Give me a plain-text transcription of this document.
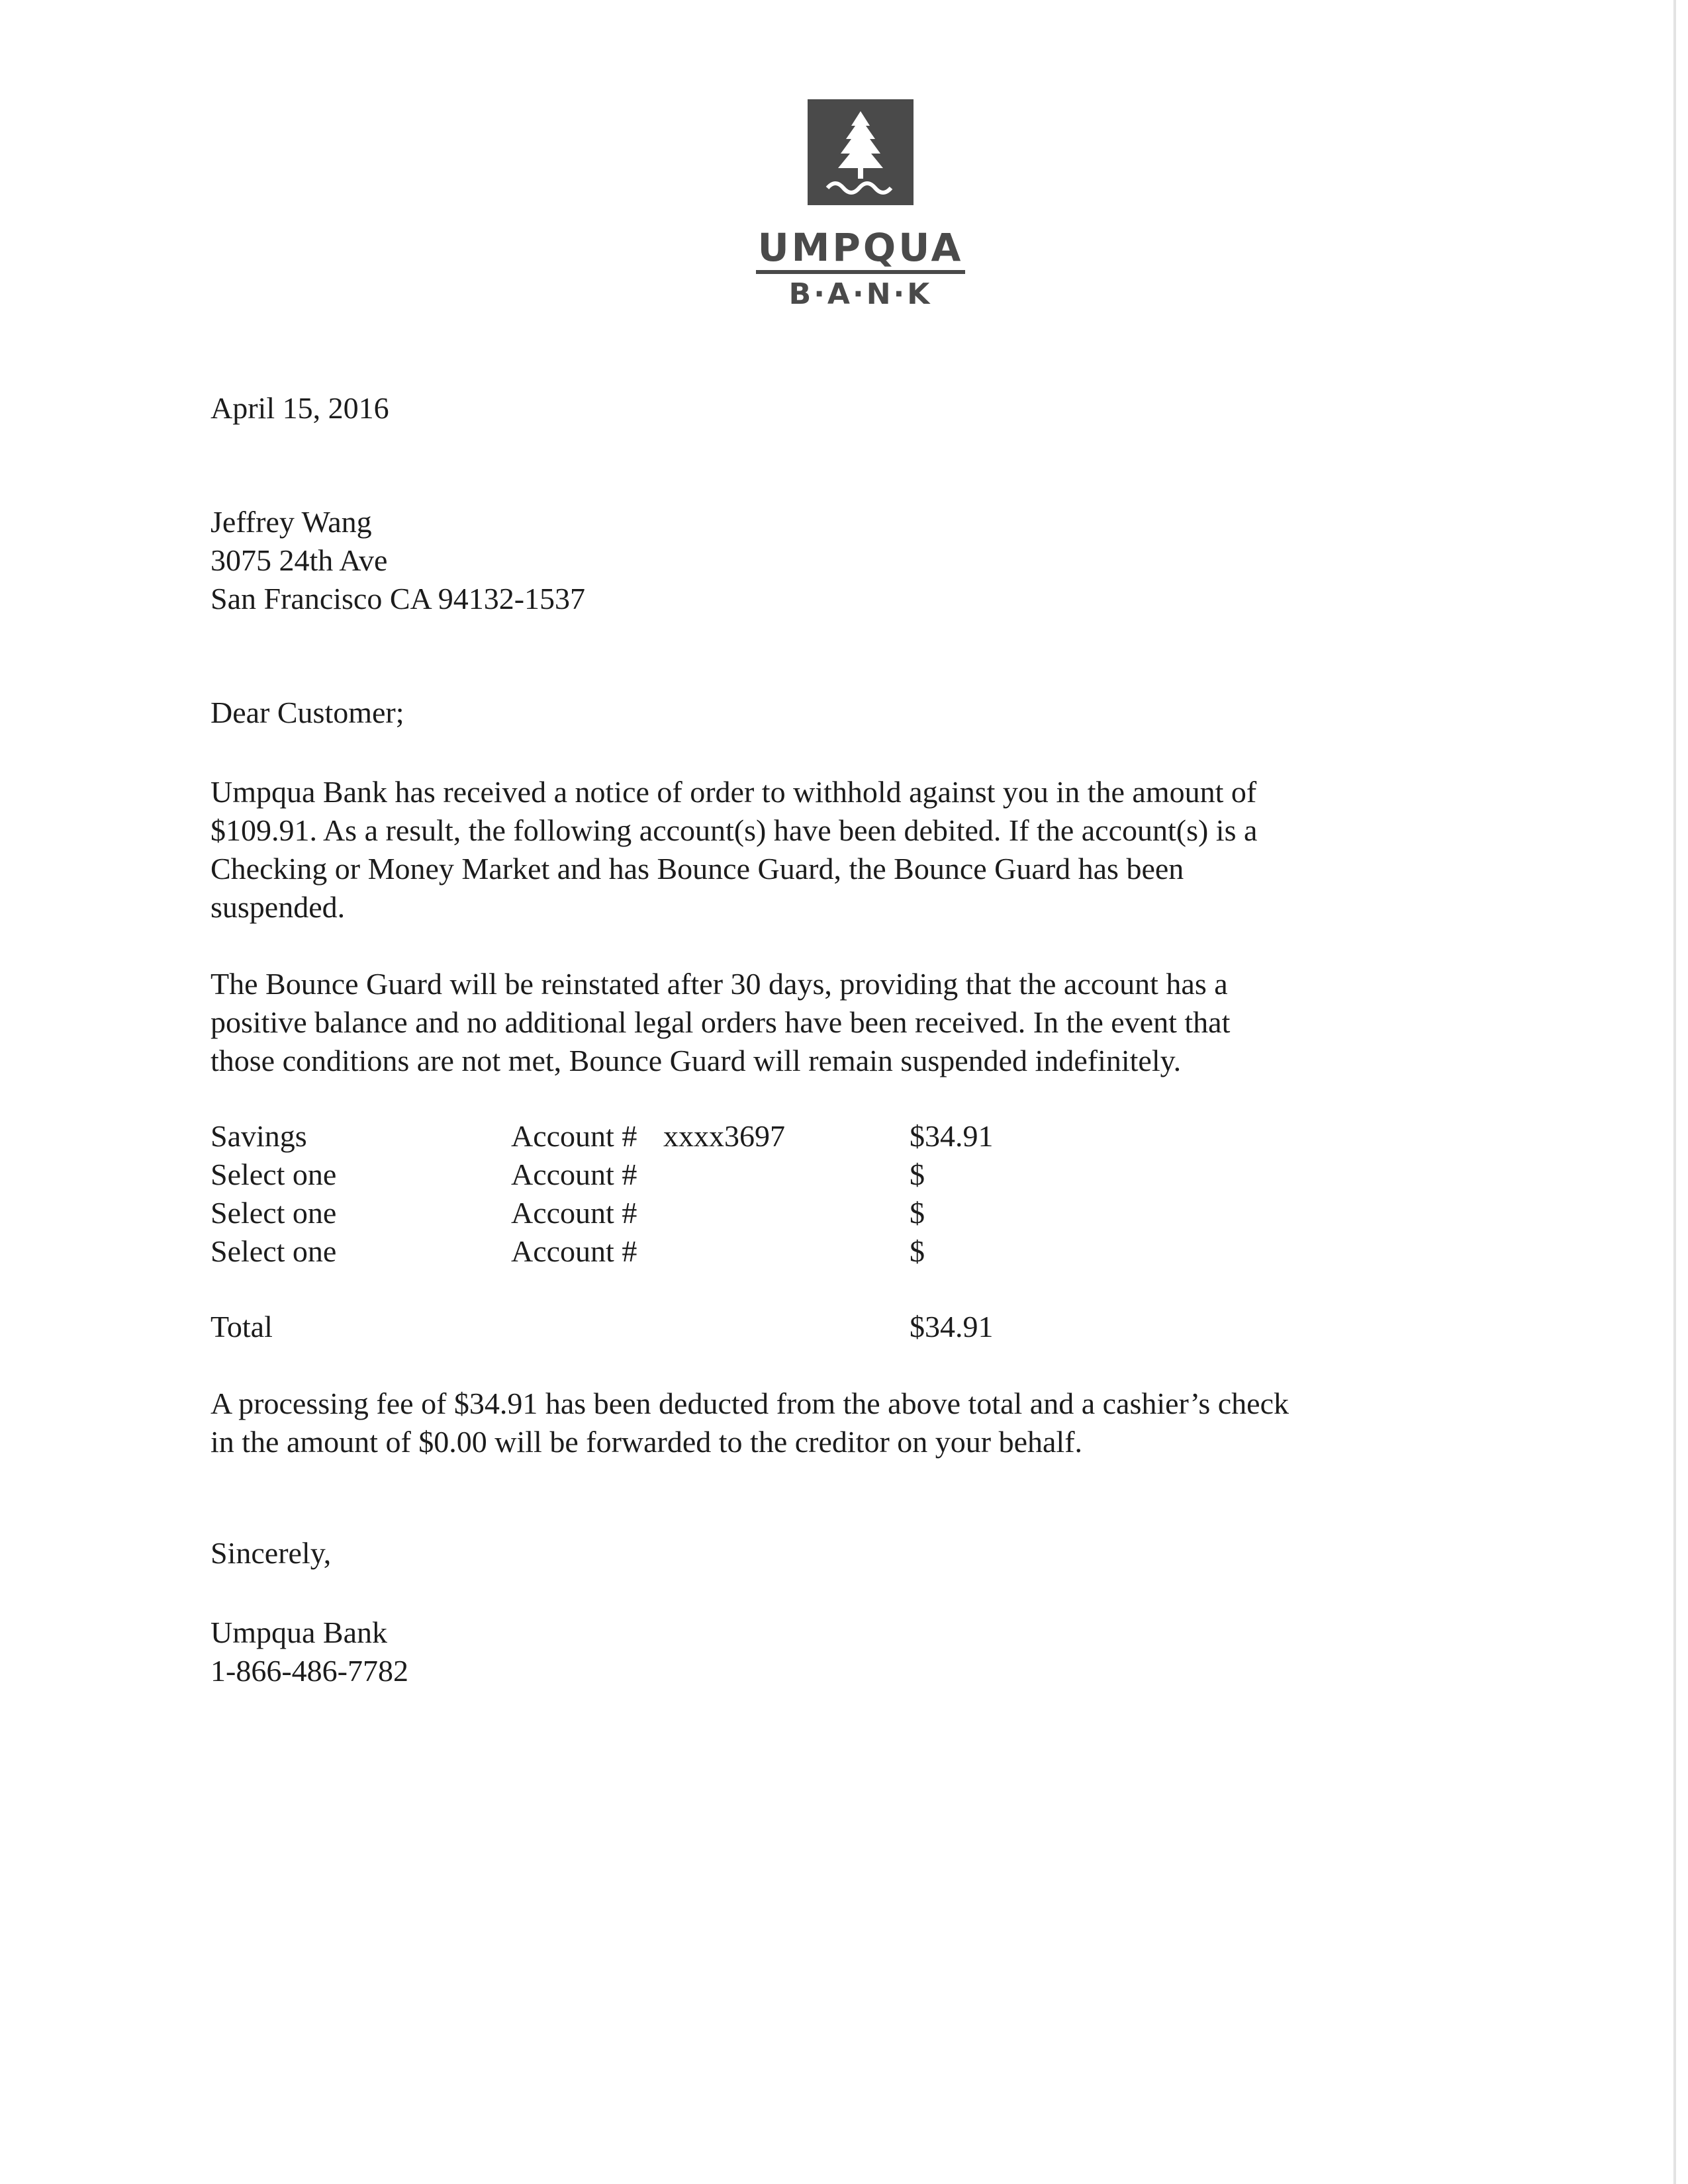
UMPQUA
B·A·N·K
April 15, 2016
Jeffrey Wang
3075 24th Ave
San Francisco CA 94132-1537
Dear Customer;
Umpqua Bank has received a notice of order to withhold against you in the amount of
$109.91. As a result, the following account(s) have been debited. If the account(s) is a
Checking or Money Market and has Bounce Guard, the Bounce Guard has been
suspended.
The Bounce Guard will be reinstated after 30 days, providing that the account has a
positive balance and no additional legal orders have been received. In the event that
those conditions are not met, Bounce Guard will remain suspended indefinitely.
Savings	Account # xxxx3697	$34.91
Select one	Account #	$
Select one	Account #	$
Select one	Account #	$
Total	$34.91
A processing fee of $34.91 has been deducted from the above total and a cashier’s check
in the amount of $0.00 will be forwarded to the creditor on your behalf.
Sincerely,
Umpqua Bank
1-866-486-7782
